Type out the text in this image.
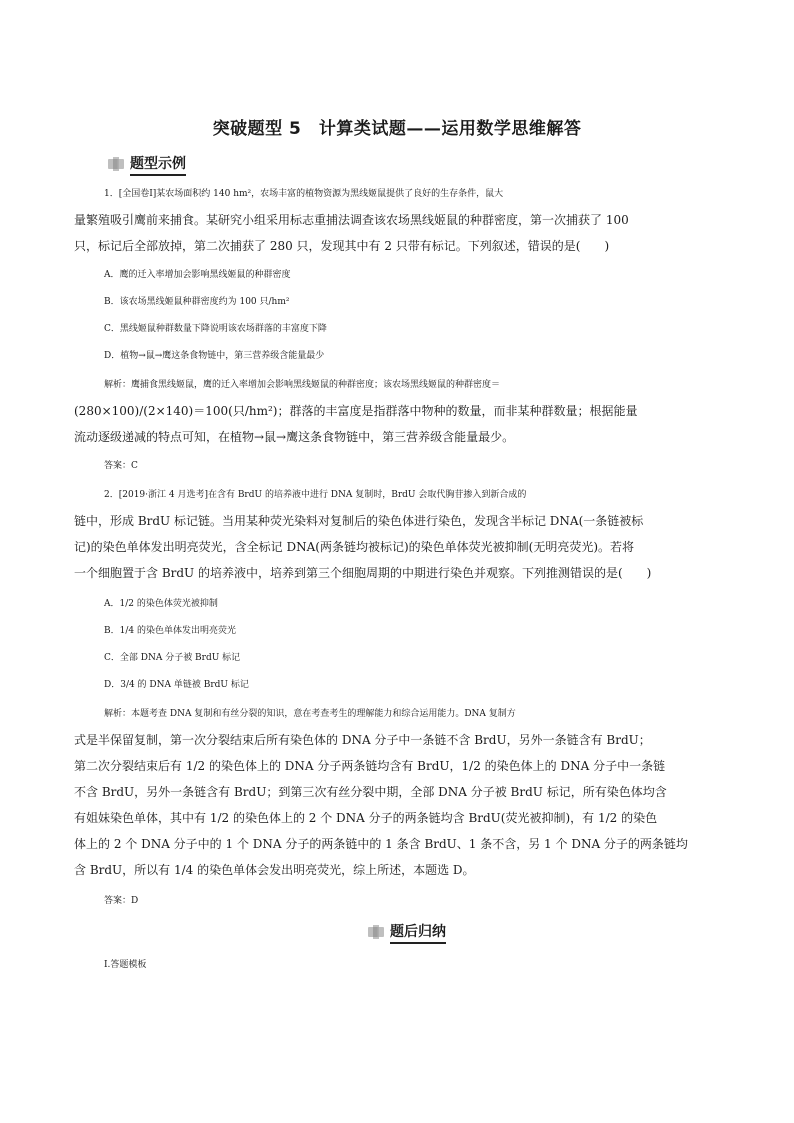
突破题型 5　计算类试题——运用数学思维解答
题型示例
1．[全国卷Ⅰ]某农场面积约 140 hm²，农场丰富的植物资源为黑线姬鼠提供了良好的生存条件，鼠大
量繁殖吸引鹰前来捕食。某研究小组采用标志重捕法调查该农场黑线姬鼠的种群密度，第一次捕获了 100
只，标记后全部放掉，第二次捕获了 280 只，发现其中有 2 只带有标记。下列叙述，错误的是(　　)
A．鹰的迁入率增加会影响黑线姬鼠的种群密度
B．该农场黑线姬鼠种群密度约为 100 只/hm²
C．黑线姬鼠种群数量下降说明该农场群落的丰富度下降
D．植物→鼠→鹰这条食物链中，第三营养级含能量最少
解析：鹰捕食黑线姬鼠，鹰的迁入率增加会影响黑线姬鼠的种群密度；该农场黑线姬鼠的种群密度＝
(280×100)/(2×140)＝100(只/hm²)；群落的丰富度是指群落中物种的数量，而非某种群数量；根据能量
流动逐级递减的特点可知，在植物→鼠→鹰这条食物链中，第三营养级含能量最少。
答案：C
2．[2019·浙江 4 月选考]在含有 BrdU 的培养液中进行 DNA 复制时，BrdU 会取代胸苷掺入到新合成的
链中，形成 BrdU 标记链。当用某种荧光染料对复制后的染色体进行染色，发现含半标记 DNA(一条链被标
记)的染色单体发出明亮荧光，含全标记 DNA(两条链均被标记)的染色单体荧光被抑制(无明亮荧光)。若将
一个细胞置于含 BrdU 的培养液中，培养到第三个细胞周期的中期进行染色并观察。下列推测错误的是(　　)
A．1/2 的染色体荧光被抑制
B．1/4 的染色单体发出明亮荧光
C．全部 DNA 分子被 BrdU 标记
D．3/4 的 DNA 单链被 BrdU 标记
解析：本题考查 DNA 复制和有丝分裂的知识，意在考查考生的理解能力和综合运用能力。DNA 复制方
式是半保留复制，第一次分裂结束后所有染色体的 DNA 分子中一条链不含 BrdU，另外一条链含有 BrdU；
第二次分裂结束后有 1/2 的染色体上的 DNA 分子两条链均含有 BrdU，1/2 的染色体上的 DNA 分子中一条链
不含 BrdU，另外一条链含有 BrdU；到第三次有丝分裂中期，全部 DNA 分子被 BrdU 标记，所有染色体均含
有姐妹染色单体，其中有 1/2 的染色体上的 2 个 DNA 分子的两条链均含 BrdU(荧光被抑制)，有 1/2 的染色
体上的 2 个 DNA 分子中的 1 个 DNA 分子的两条链中的 1 条含 BrdU、1 条不含，另 1 个 DNA 分子的两条链均
含 BrdU，所以有 1/4 的染色单体会发出明亮荧光，综上所述，本题选 D。
答案：D
题后归纳
Ⅰ.答题模板
